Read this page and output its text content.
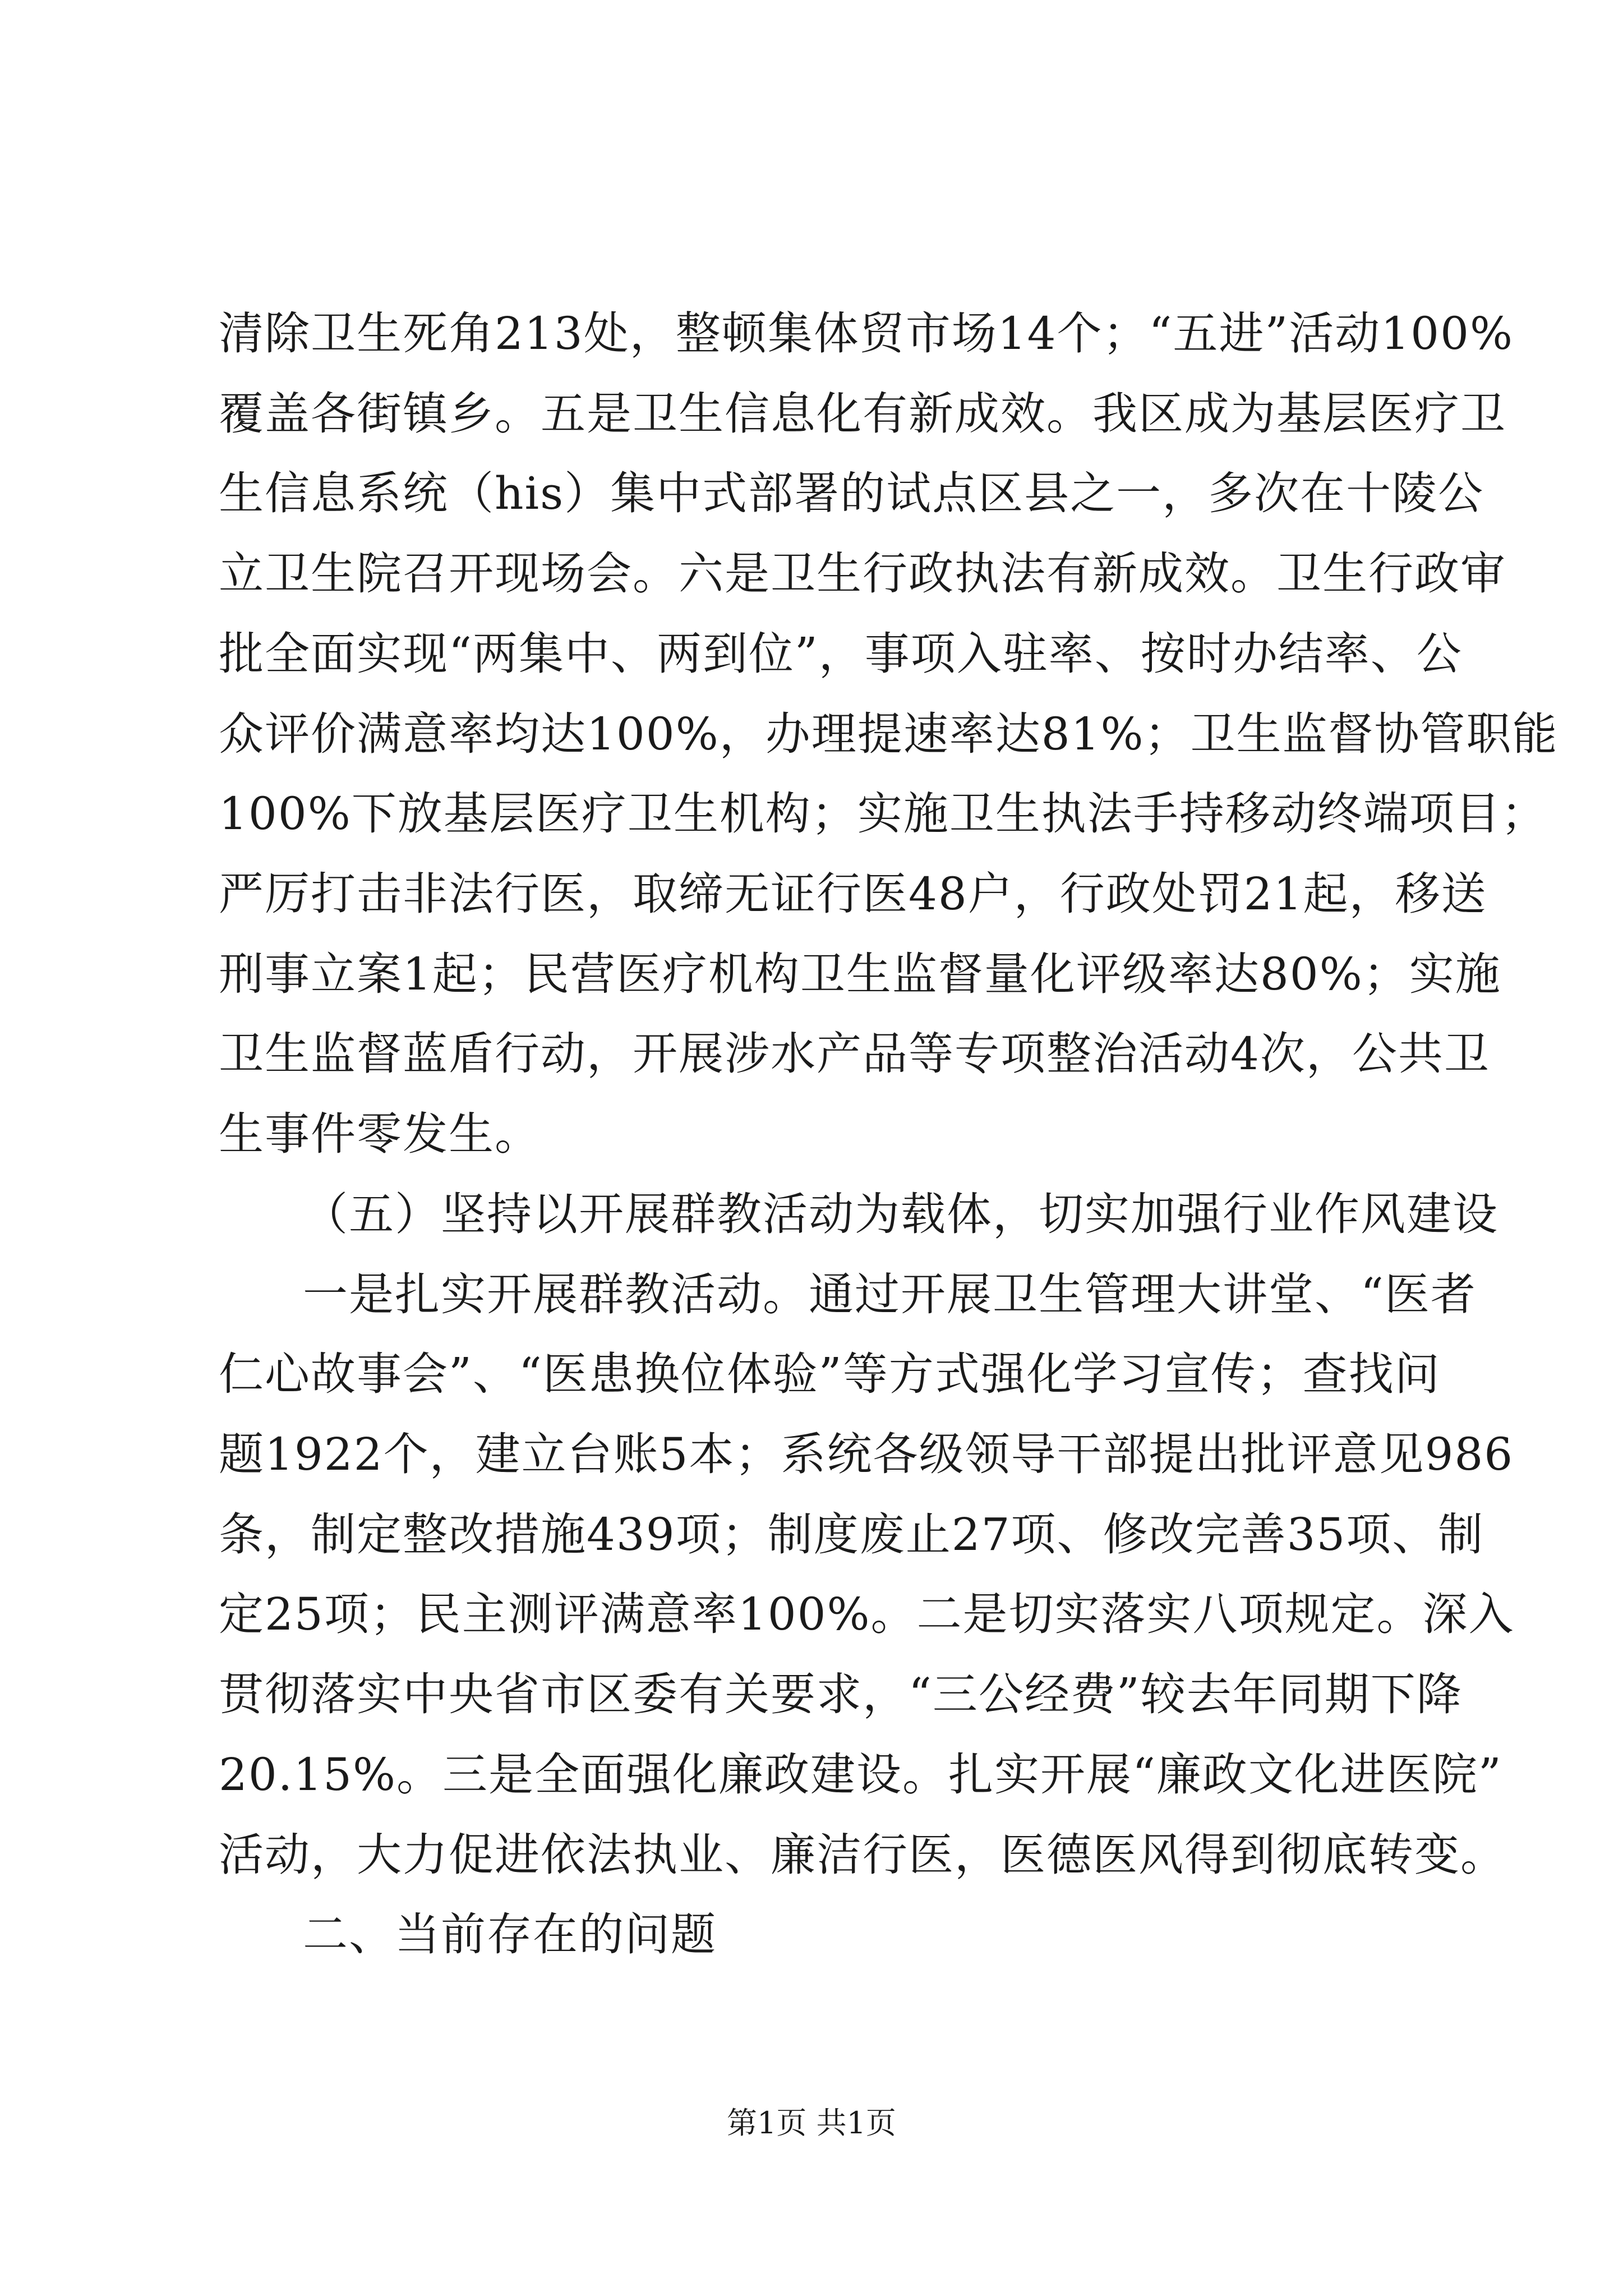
清除卫生死角213处，整顿集体贸市场14个；“五进”活动100%
覆盖各街镇乡。五是卫生信息化有新成效。我区成为基层医疗卫
生信息系统（his）集中式部署的试点区县之一，多次在十陵公
立卫生院召开现场会。六是卫生行政执法有新成效。卫生行政审
批全面实现“两集中、两到位”，事项入驻率、按时办结率、公
众评价满意率均达100%，办理提速率达81%；卫生监督协管职能
100%下放基层医疗卫生机构；实施卫生执法手持移动终端项目；
严厉打击非法行医，取缔无证行医48户，行政处罚21起，移送
刑事立案1起；民营医疗机构卫生监督量化评级率达80%；实施
卫生监督蓝盾行动，开展涉水产品等专项整治活动4次，公共卫
生事件零发生。
（五）坚持以开展群教活动为载体，切实加强行业作风建设
一是扎实开展群教活动。通过开展卫生管理大讲堂、“医者
仁心故事会”、“医患换位体验”等方式强化学习宣传；查找问
题1922个，建立台账5本；系统各级领导干部提出批评意见986
条，制定整改措施439项；制度废止27项、修改完善35项、制
定25项；民主测评满意率100%。二是切实落实八项规定。深入
贯彻落实中央省市区委有关要求，“三公经费”较去年同期下降
20.15%。三是全面强化廉政建设。扎实开展“廉政文化进医院”
活动，大力促进依法执业、廉洁行医，医德医风得到彻底转变。
二、当前存在的问题
第1页 共1页
